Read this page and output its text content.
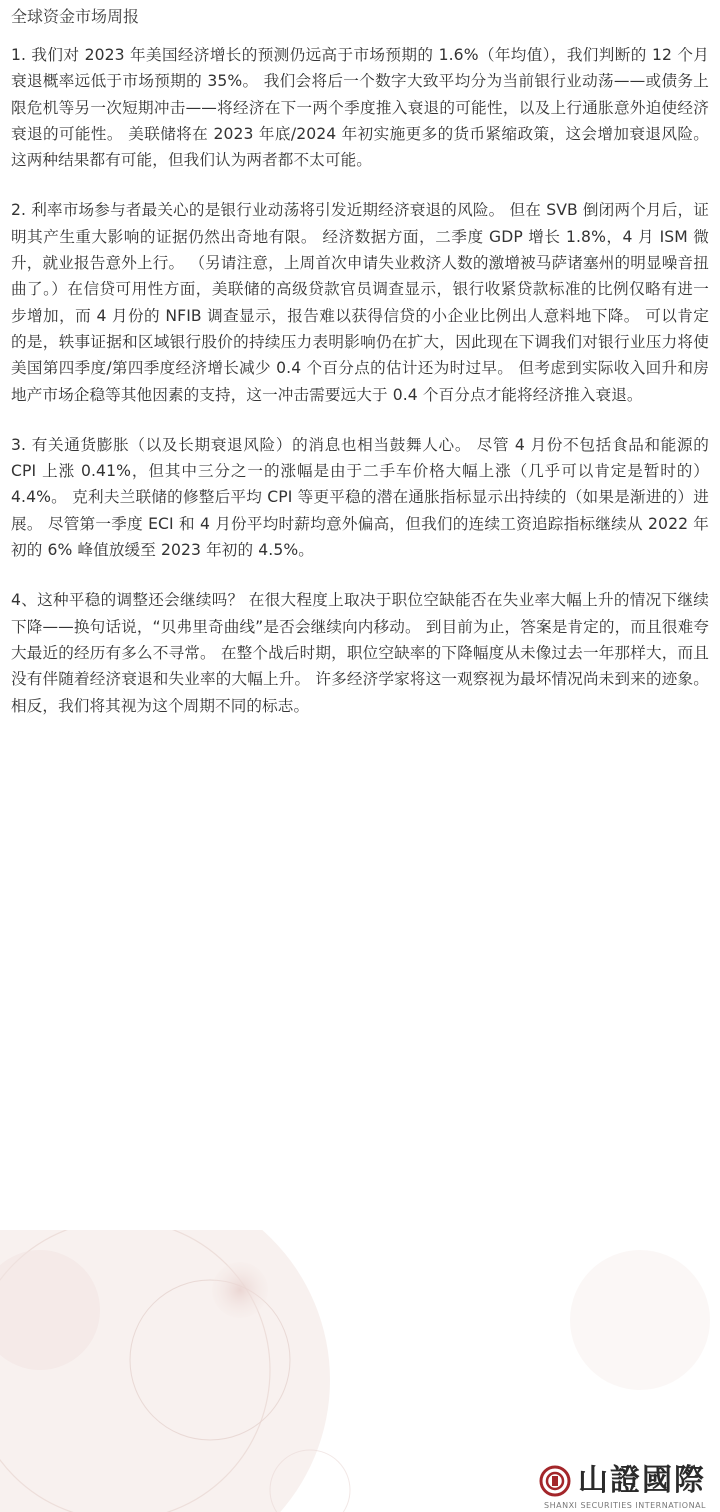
全球资金市场周报

1. 我们对 2023 年美国经济增长的预测仍远高于市场预期的 1.6%（年均值），我们判断的 12 个月衰退概率远低于市场预期的 35%。 我们会将后一个数字大致平均分为当前银行业动荡——或债务上限危机等另一次短期冲击——将经济在下一两个季度推入衰退的可能性，以及上行通胀意外迫使经济衰退的可能性。 美联储将在 2023 年底/2024 年初实施更多的货币紧缩政策，这会增加衰退风险。这两种结果都有可能，但我们认为两者都不太可能。

2. 利率市场参与者最关心的是银行业动荡将引发近期经济衰退的风险。 但在 SVB 倒闭两个月后，证明其产生重大影响的证据仍然出奇地有限。 经济数据方面，二季度 GDP 增长 1.8%，4 月 ISM 微升，就业报告意外上行。 （另请注意，上周首次申请失业救济人数的激增被马萨诸塞州的明显噪音扭曲了。）在信贷可用性方面，美联储的高级贷款官员调查显示，银行收紧贷款标准的比例仅略有进一步增加，而 4 月份的 NFIB 调查显示，报告难以获得信贷的小企业比例出人意料地下降。 可以肯定的是，轶事证据和区域银行股价的持续压力表明影响仍在扩大，因此现在下调我们对银行业压力将使美国第四季度/第四季度经济增长减少 0.4 个百分点的估计还为时过早。 但考虑到实际收入回升和房地产市场企稳等其他因素的支持，这一冲击需要远大于 0.4 个百分点才能将经济推入衰退。

3. 有关通货膨胀（以及长期衰退风险）的消息也相当鼓舞人心。 尽管 4 月份不包括食品和能源的 CPI 上涨 0.41%，但其中三分之一的涨幅是由于二手车价格大幅上涨（几乎可以肯定是暂时的）4.4%。 克利夫兰联储的修整后平均 CPI 等更平稳的潜在通胀指标显示出持续的（如果是渐进的）进展。 尽管第一季度 ECI 和 4 月份平均时薪均意外偏高，但我们的连续工资追踪指标继续从 2022 年初的 6% 峰值放缓至 2023 年初的 4.5%。

4、这种平稳的调整还会继续吗？ 在很大程度上取决于职位空缺能否在失业率大幅上升的情况下继续下降——换句话说，“贝弗里奇曲线”是否会继续向内移动。 到目前为止，答案是肯定的，而且很难夸大最近的经历有多么不寻常。 在整个战后时期，职位空缺率的下降幅度从未像过去一年那样大，而且没有伴随着经济衰退和失业率的大幅上升。 许多经济学家将这一观察视为最坏情况尚未到来的迹象。 相反，我们将其视为这个周期不同的标志。

山證國際
SHANXI SECURITIES INTERNATIONAL
